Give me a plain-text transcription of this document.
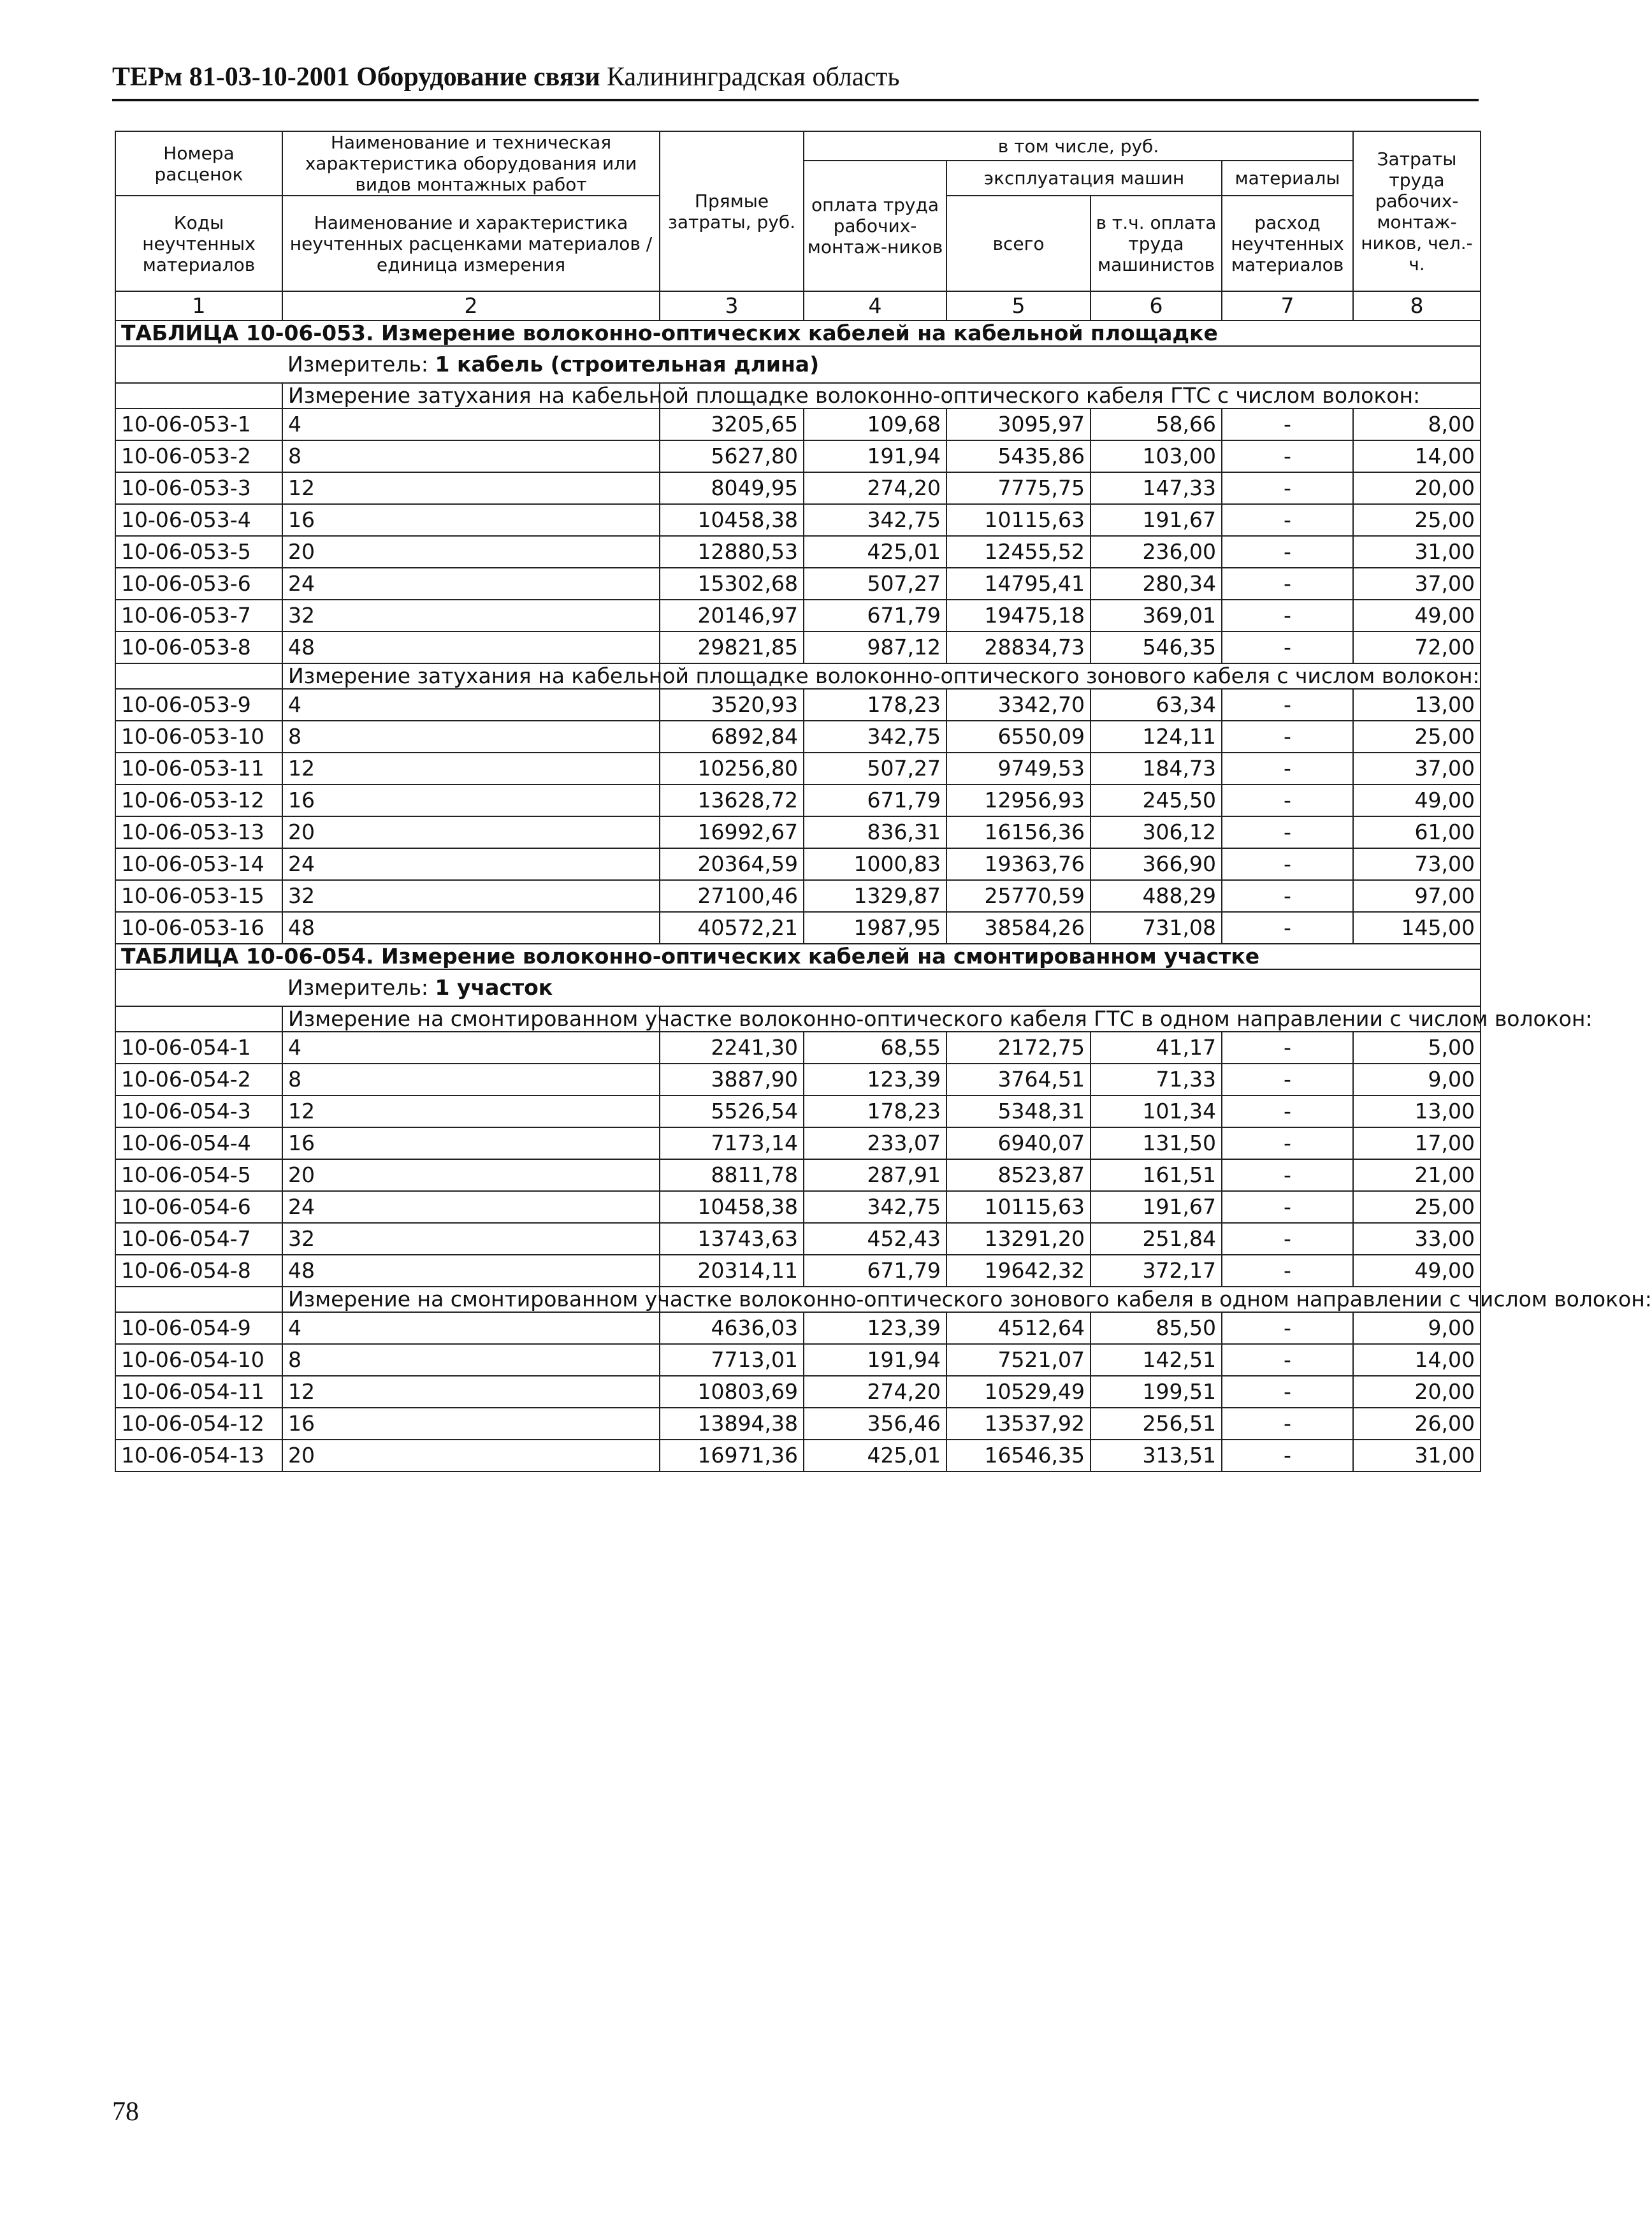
ТЕРм 81-03-10-2001 Оборудование связи Калининградская область
Номера расценок	Наименование и техническая характеристика оборудования или видов монтажных работ	Прямые затраты, руб.	в том числе, руб.				Затраты труда рабочих-монтаж-ников, чел.-ч.
			оплата труда рабочих-монтаж-ников	эксплуатация машин		материалы	
Коды неучтенных материалов	Наименование и характеристика неучтенных расценками материалов / единица измерения			всего	в т.ч. оплата труда машинистов	расход неучтенных материалов	
1	2	3	4	5	6	7	8
ТАБЛИЦА 10-06-053. Измерение волоконно-оптических кабелей на кабельной площадке							
	Измеритель: 1 кабель (строительная длина)						
	Измерение затухания на кабельной площадке волоконно-оптического кабеля ГТС с числом волокон:						
10-06-053-1	4	3205,65	109,68	3095,97	58,66	-	8,00
10-06-053-2	8	5627,80	191,94	5435,86	103,00	-	14,00
10-06-053-3	12	8049,95	274,20	7775,75	147,33	-	20,00
10-06-053-4	16	10458,38	342,75	10115,63	191,67	-	25,00
10-06-053-5	20	12880,53	425,01	12455,52	236,00	-	31,00
10-06-053-6	24	15302,68	507,27	14795,41	280,34	-	37,00
10-06-053-7	32	20146,97	671,79	19475,18	369,01	-	49,00
10-06-053-8	48	29821,85	987,12	28834,73	546,35	-	72,00
	Измерение затухания на кабельной площадке волоконно-оптического зонового кабеля с числом волокон:						
10-06-053-9	4	3520,93	178,23	3342,70	63,34	-	13,00
10-06-053-10	8	6892,84	342,75	6550,09	124,11	-	25,00
10-06-053-11	12	10256,80	507,27	9749,53	184,73	-	37,00
10-06-053-12	16	13628,72	671,79	12956,93	245,50	-	49,00
10-06-053-13	20	16992,67	836,31	16156,36	306,12	-	61,00
10-06-053-14	24	20364,59	1000,83	19363,76	366,90	-	73,00
10-06-053-15	32	27100,46	1329,87	25770,59	488,29	-	97,00
10-06-053-16	48	40572,21	1987,95	38584,26	731,08	-	145,00
ТАБЛИЦА 10-06-054. Измерение волоконно-оптических кабелей на смонтированном участке							
	Измеритель: 1 участок						
	Измерение на смонтированном участке волоконно-оптического кабеля ГТС в одном направлении с числом волокон:						
10-06-054-1	4	2241,30	68,55	2172,75	41,17	-	5,00
10-06-054-2	8	3887,90	123,39	3764,51	71,33	-	9,00
10-06-054-3	12	5526,54	178,23	5348,31	101,34	-	13,00
10-06-054-4	16	7173,14	233,07	6940,07	131,50	-	17,00
10-06-054-5	20	8811,78	287,91	8523,87	161,51	-	21,00
10-06-054-6	24	10458,38	342,75	10115,63	191,67	-	25,00
10-06-054-7	32	13743,63	452,43	13291,20	251,84	-	33,00
10-06-054-8	48	20314,11	671,79	19642,32	372,17	-	49,00
	Измерение на смонтированном участке волоконно-оптического зонового кабеля в одном направлении с числом волокон:						
10-06-054-9	4	4636,03	123,39	4512,64	85,50	-	9,00
10-06-054-10	8	7713,01	191,94	7521,07	142,51	-	14,00
10-06-054-11	12	10803,69	274,20	10529,49	199,51	-	20,00
10-06-054-12	16	13894,38	356,46	13537,92	256,51	-	26,00
10-06-054-13	20	16971,36	425,01	16546,35	313,51	-	31,00
78
